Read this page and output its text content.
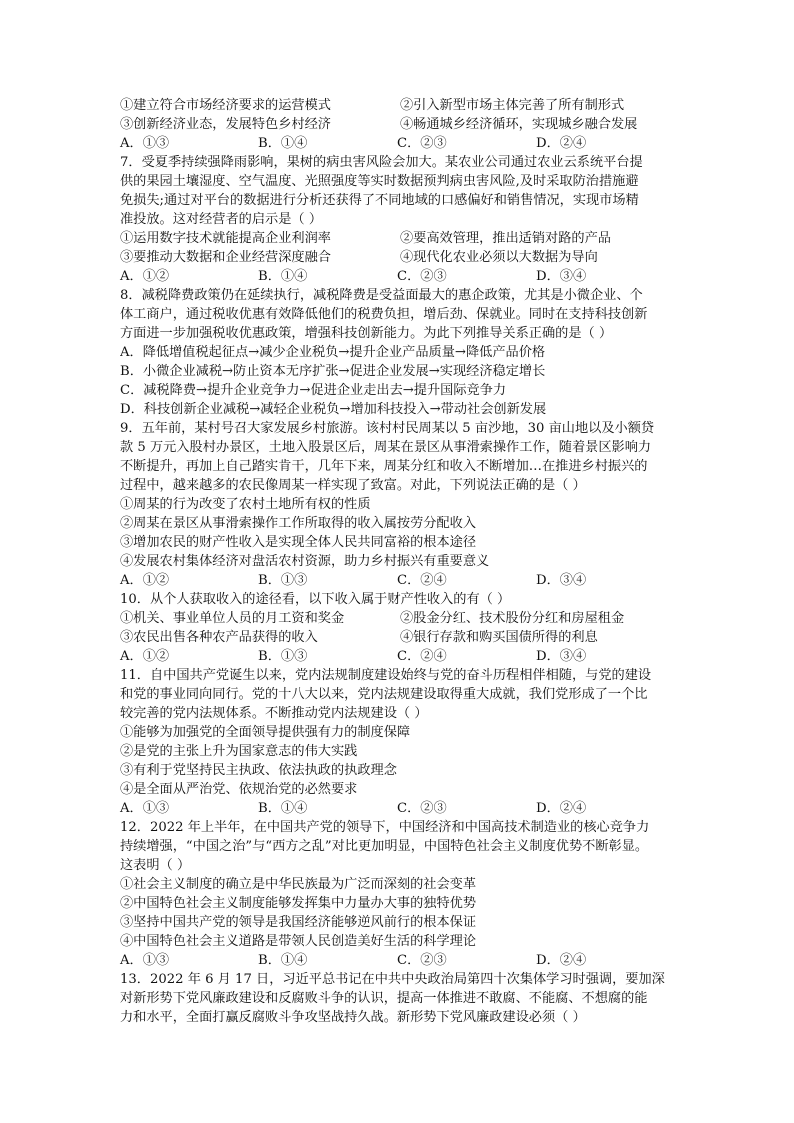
①建立符合市场经济要求的运营模式	②引入新型市场主体完善了所有制形式
③创新经济业态，发展特色乡村经济	④畅通城乡经济循环，实现城乡融合发展
A．①③	B．①④	C．②③	D．②④
7．受夏季持续强降雨影响，果树的病虫害风险会加大。某农业公司通过农业云系统平台提
供的果园土壤湿度、空气温度、光照强度等实时数据预判病虫害风险,及时采取防治措施避
免损失;通过对平台的数据进行分析还获得了不同地域的口感偏好和销售情况，实现市场精
准投放。这对经营者的启示是（ ）
①运用数字技术就能提高企业利润率	②要高效管理，推出适销对路的产品
③要推动大数据和企业经营深度融合	④现代化农业必须以大数据为导向
A．①②	B．①④	C．②③	D．③④
8．减税降费政策仍在延续执行，减税降费是受益面最大的惠企政策，尤其是小微企业、个
体工商户，通过税收优惠有效降低他们的税费负担，增后劲、保就业。同时在支持科技创新
方面进一步加强税收优惠政策，增强科技创新能力。为此下列推导关系正确的是（ ）
A．降低增值税起征点→减少企业税负→提升企业产品质量→降低产品价格
B．小微企业减税→防止资本无序扩张→促进企业发展→实现经济稳定增长
C．减税降费→提升企业竞争力→促进企业走出去→提升国际竞争力
D．科技创新企业减税→减轻企业税负→增加科技投入→带动社会创新发展
9．五年前，某村号召大家发展乡村旅游。该村村民周某以 5 亩沙地，30 亩山地以及小额贷
款 5 万元入股村办景区，土地入股景区后，周某在景区从事滑索操作工作，随着景区影响力
不断提升，再加上自己踏实肯干，几年下来，周某分红和收入不断增加…在推进乡村振兴的
过程中，越来越多的农民像周某一样实现了致富。对此，下列说法正确的是（ ）
①周某的行为改变了农村土地所有权的性质
②周某在景区从事滑索操作工作所取得的收入属按劳分配收入
③增加农民的财产性收入是实现全体人民共同富裕的根本途径
④发展农村集体经济对盘活农村资源，助力乡村振兴有重要意义
A．①②	B．①③	C．②④	D．③④
10．从个人获取收入的途径看，以下收入属于财产性收入的有（ ）
①机关、事业单位人员的月工资和奖金	②股金分红、技术股份分红和房屋租金
③农民出售各种农产品获得的收入	④银行存款和购买国债所得的利息
A．①②	B．①③	C．②④	D．③④
11．自中国共产党诞生以来，党内法规制度建设始终与党的奋斗历程相伴相随，与党的建设
和党的事业同向同行。党的十八大以来，党内法规建设取得重大成就，我们党形成了一个比
较完善的党内法规体系。不断推动党内法规建设（ ）
①能够为加强党的全面领导提供强有力的制度保障
②是党的主张上升为国家意志的伟大实践
③有利于党坚持民主执政、依法执政的执政理念
④是全面从严治党、依规治党的必然要求
A．①③	B．①④	C．②③	D．②④
12．2022 年上半年，在中国共产党的领导下，中国经济和中国高技术制造业的核心竞争力
持续增强，“中国之治”与“西方之乱”对比更加明显，中国特色社会主义制度优势不断彰显。
这表明（ ）
①社会主义制度的确立是中华民族最为广泛而深刻的社会变革
②中国特色社会主义制度能够发挥集中力量办大事的独特优势
③坚持中国共产党的领导是我国经济能够逆风前行的根本保证
④中国特色社会主义道路是带领人民创造美好生活的科学理论
A．①③	B．①④	C．②③	D．②④
13．2022 年 6 月 17 日，习近平总书记在中共中央政治局第四十次集体学习时强调，要加深
对新形势下党风廉政建设和反腐败斗争的认识，提高一体推进不敢腐、不能腐、不想腐的能
力和水平，全面打赢反腐败斗争攻坚战持久战。新形势下党风廉政建设必须（ ）
